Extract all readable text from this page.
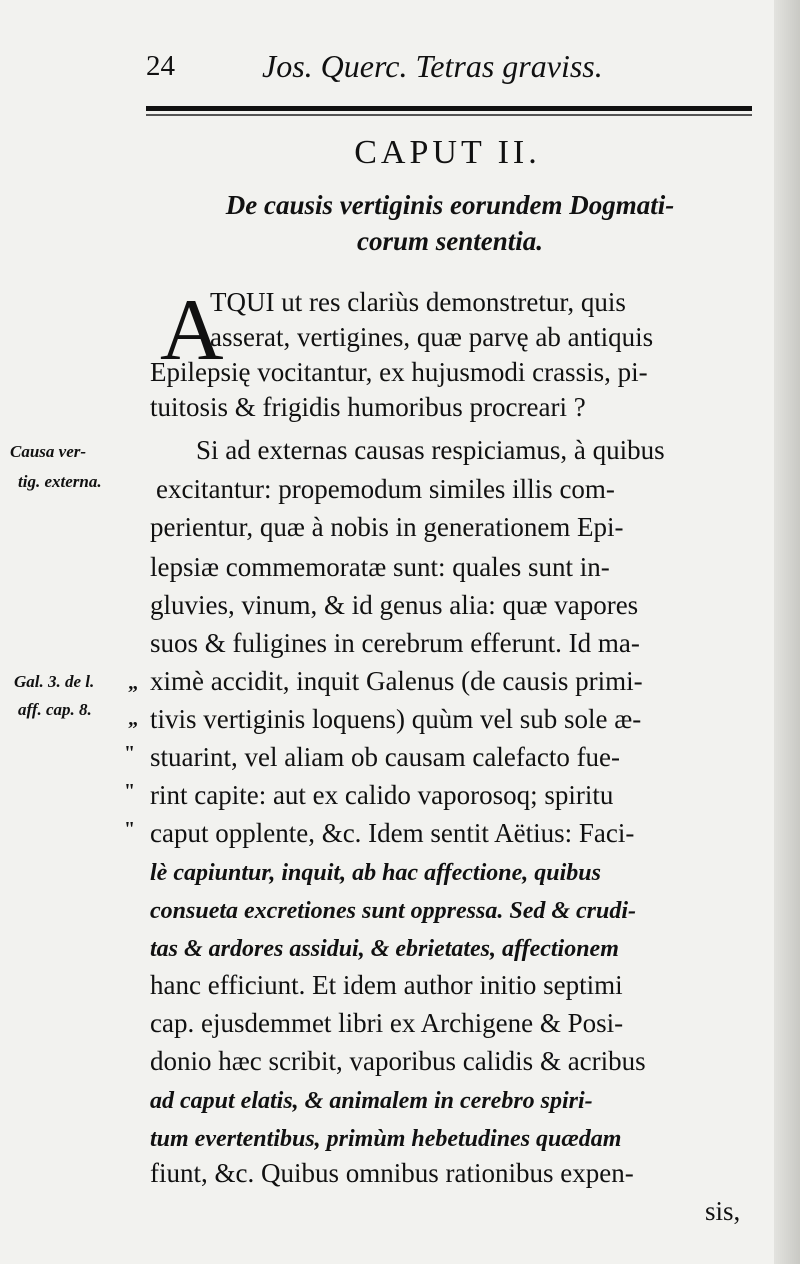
24	Jos. Querc. Tetras graviss.
CAPUT II.
De causis vertiginis eorundem Dogmati-
corum sententia.
A
TQUI ut res clariùs demonstretur, quis
asserat, vertigines, quæ parvę ab antiquis
Epilepsię vocitantur, ex hujusmodi crassis, pi-
tuitosis & frigidis humoribus procreari ?
Si ad externas causas respiciamus, à quibus
excitantur: propemodum similes illis com-
perientur, quæ à nobis in generationem Epi-
lepsiæ commemoratæ sunt: quales sunt in-
gluvies, vinum, & id genus alia: quæ vapores
suos & fuligines in cerebrum efferunt. Id ma-
ximè accidit, inquit Galenus (de causis primi-
tivis vertiginis loquens) quùm vel sub sole æ-
stuarint, vel aliam ob causam calefacto fue-
rint capite: aut ex calido vaporosoq; spiritu
caput opplente, &c. Idem sentit Aëtius: Faci-
lè capiuntur, inquit, ab hac affectione, quibus
consueta excretiones sunt oppressa. Sed & crudi-
tas & ardores assidui, & ebrietates, affectionem
hanc efficiunt. Et idem author initio septimi
cap. ejusdemmet libri ex Archigene & Posi-
donio hæc scribit, vaporibus calidis & acribus
ad caput elatis, & animalem in cerebro spiri-
tum evertentibus, primùm hebetudines quædam
fiunt, &c. Quibus omnibus rationibus expen-
sis,
Causa ver-
tig. externa.
Gal. 3. de l.
aff. cap. 8.
„
„
"
"
"
